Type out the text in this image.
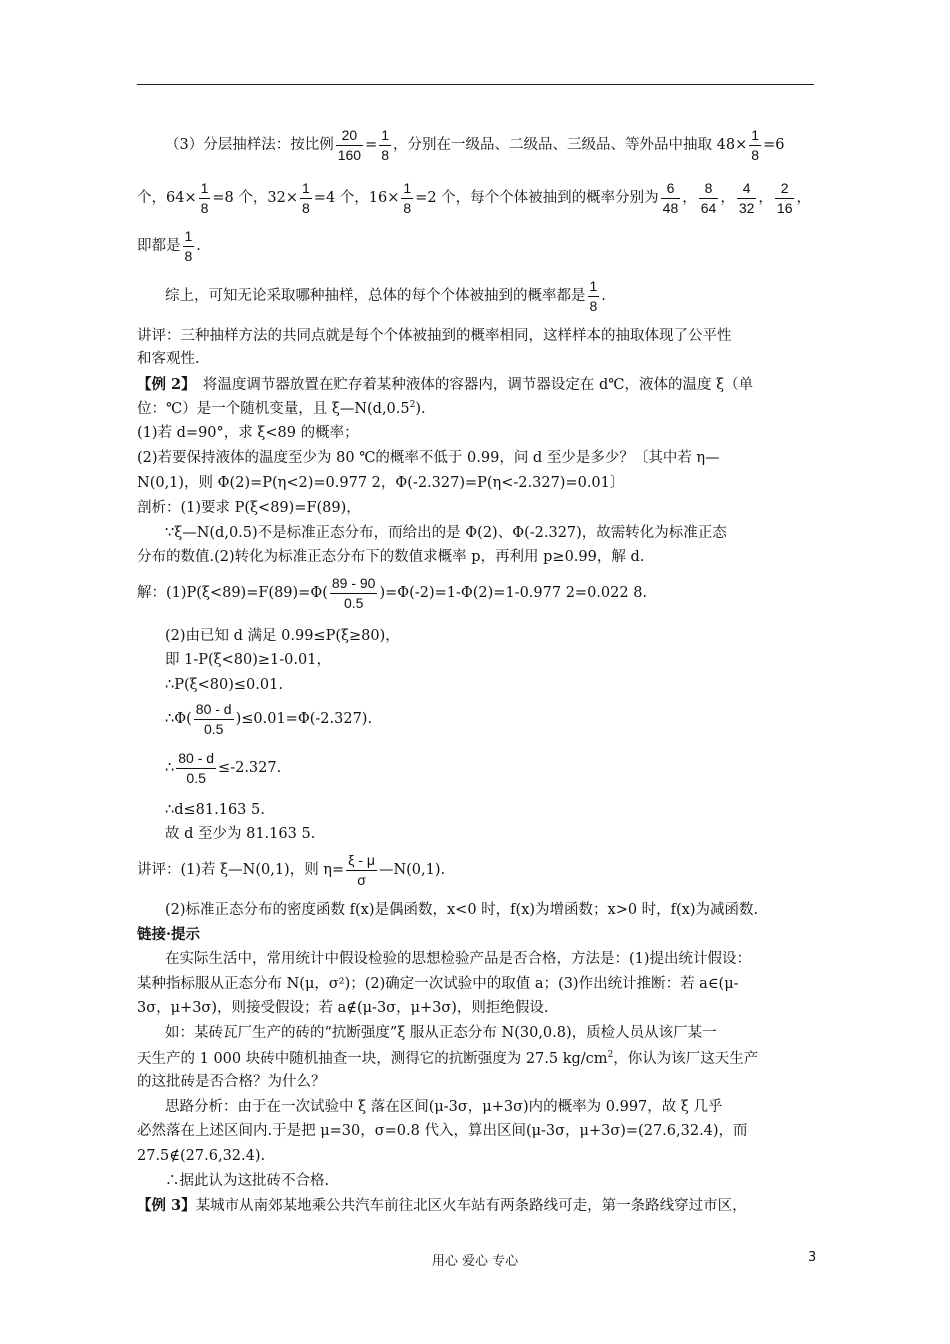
（3）分层抽样法：按比例 $\frac{20}{160} = \frac{1}{8}$ ，分别在一级品、二级品、三级品、等外品中抽取 $48\times \frac{1}{8} =6$
个，$64\times \frac{1}{8} =8$ 个，$32\times \frac{1}{8} =4$ 个，$16\times \frac{1}{8} =2$ 个，每个个体被抽到的概率分别为 $\frac{6}{48}$ ， $\frac{8}{64}$ ， $\frac{4}{32}$ ， $\frac{2}{16}$ ，
即都是 $\frac{1}{8}$ .
综上，可知无论采取哪种抽样，总体的每个个体被抽到的概率都是 $\frac{1}{8}$ .
讲评：三种抽样方法的共同点就是每个个体被抽到的概率相同，这样样本的抽取体现了公平性
和客观性.
【例 2】　将温度调节器放置在贮存着某种液体的容器内，调节器设定在 d℃，液体的温度 ξ（单
位：℃）是一个随机变量，且 ξ—N(d,0.5$^2$).
(1)若 d=90°，求 ξ<89 的概率；
(2)若要保持液体的温度至少为 80 ℃的概率不低于 0.99，问 d 至少是多少？〔其中若 η—
N(0,1)，则 Φ(2)=P(η<2)=0.977 2，Φ(-2.327)=P(η<-2.327)=0.01〕
剖析：(1)要求 P(ξ<89)=F(89)，
∵ξ—N(d,0.5)不是标准正态分布，而给出的是 Φ(2)、Φ(-2.327)，故需转化为标准正态
分布的数值.(2)转化为标准正态分布下的数值求概率 p，再利用 p≥0.99，解 d.
解：$(1)P(\xi<89)=F(89)=\Phi( \frac{89 - 90}{0.5} )=\Phi(-2)=1-\Phi(2)=1-0.977$ 2=0.022 8.
(2)由已知 d 满足 0.99≤P(ξ≥80)，
即 1-P(ξ<80)≥1-0.01，
∴P(ξ<80)≤0.01.
∴Φ( $\frac{80 - d}{0.5} )\le 0.01=\Phi(-2.327)$.
∴ $\frac{80 - d}{0.5} \le-2.327$.
∴d≤81.163 5.
故 d 至少为 81.163 5.
讲评：(1)若 ξ—N(0,1)，则 $\eta= \frac{\xi - \mu}{\sigma}$ —N(0,1).
(2)标准正态分布的密度函数 f(x)是偶函数，x<0 时，f(x)为增函数；x>0 时，f(x)为减函数.
链接·提示
在实际生活中，常用统计中假设检验的思想检验产品是否合格，方法是：(1)提出统计假设：
某种指标服从正态分布 N(μ，σ²)；(2)确定一次试验中的取值 a；(3)作出统计推断：若 a∈(μ-
3σ，μ+3σ)，则接受假设；若 a∉(μ-3σ，μ+3σ)，则拒绝假设.
如：某砖瓦厂生产的砖的“抗断强度”ξ 服从正态分布 N(30,0.8)，质检人员从该厂某一
天生产的 1 000 块砖中随机抽查一块，测得它的抗断强度为 27.5 $kg/cm^2$，你认为该厂这天生产
的这批砖是否合格？为什么？
思路分析：由于在一次试验中 ξ 落在区间(μ-3σ，μ+3σ)内的概率为 0.997，故 ξ 几乎
必然落在上述区间内.于是把 μ=30，σ=0.8 代入，算出区间(μ-3σ，μ+3σ)=(27.6,32.4)，而
27.5∉(27.6,32.4).
∴据此认为这批砖不合格.
【例 3】某城市从南郊某地乘公共汽车前往北区火车站有两条路线可走，第一条路线穿过市区，
用心 爱心 专心	3
